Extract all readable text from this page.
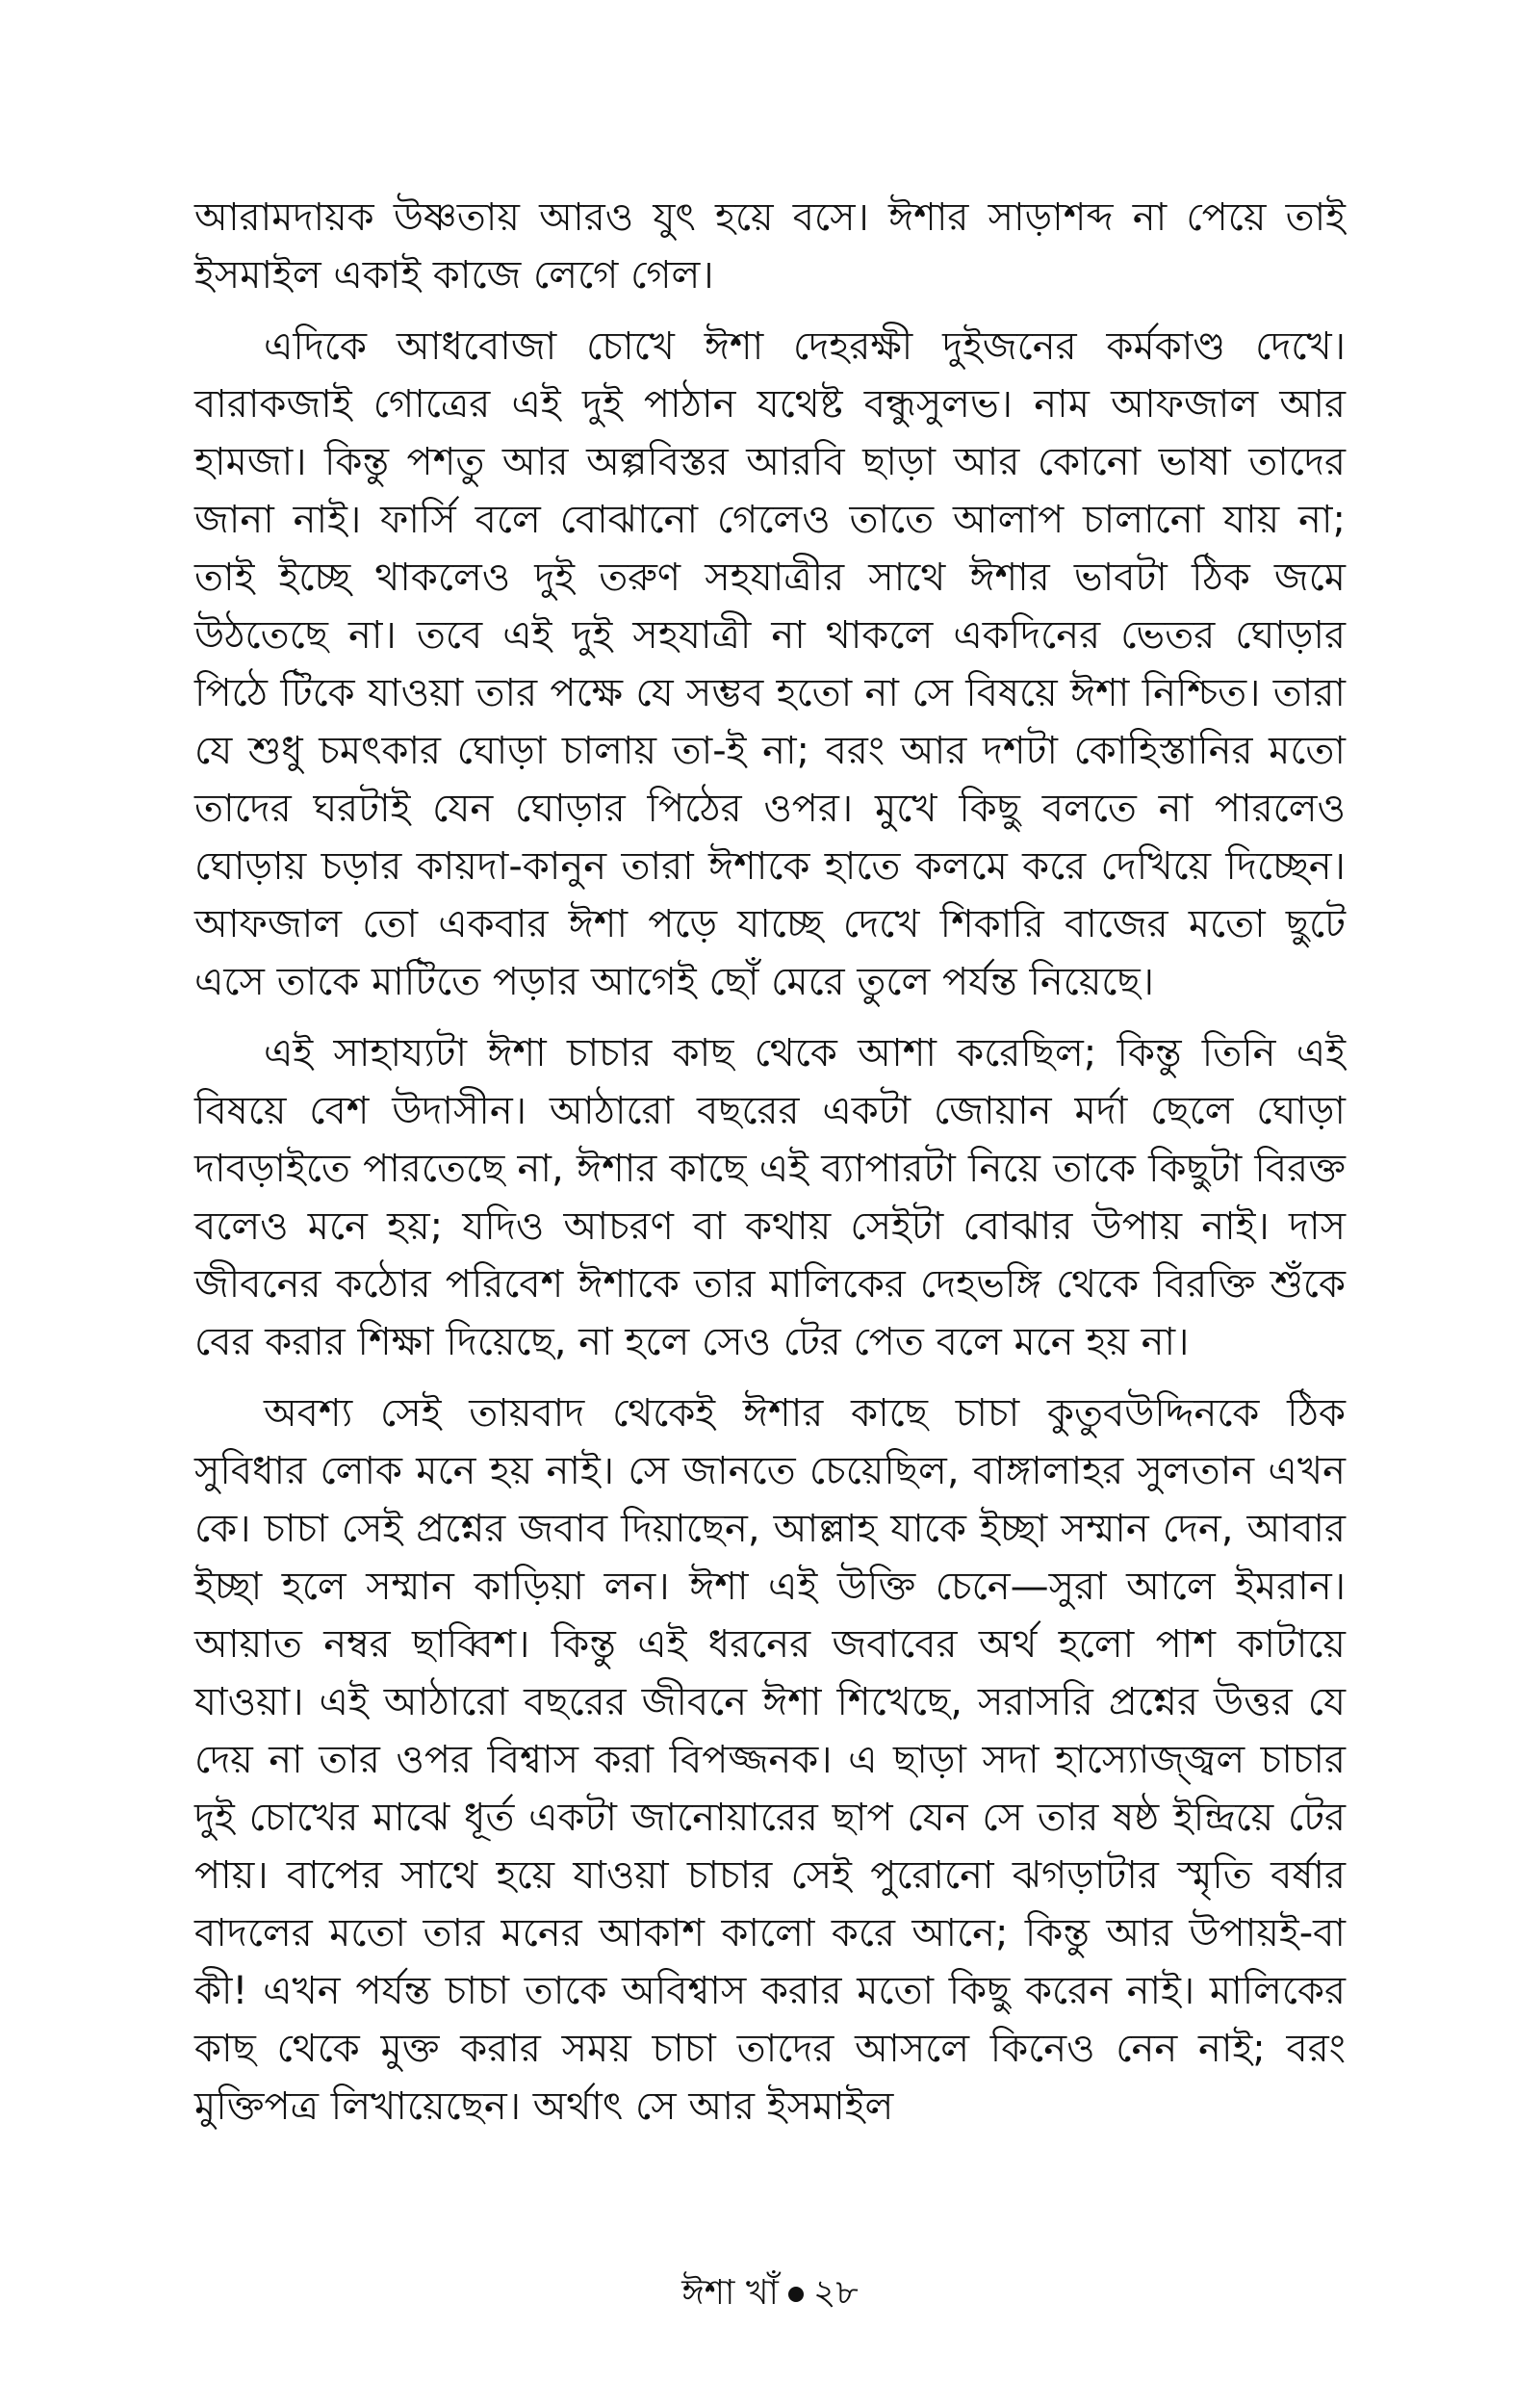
আরামদায়ক উষ্ণতায় আরও যুৎ হয়ে বসে। ঈশার সাড়াশব্দ না পেয়ে তাই ইসমাইল একাই কাজে লেগে গেল।

এদিকে আধবোজা চোখে ঈশা দেহরক্ষী দুইজনের কর্মকাণ্ড দেখে। বারাকজাই গোত্রের এই দুই পাঠান যথেষ্ট বন্ধুসুলভ। নাম আফজাল আর হামজা। কিন্তু পশতু আর অল্পবিস্তর আরবি ছাড়া আর কোনো ভাষা তাদের জানা নাই। ফার্সি বলে বোঝানো গেলেও তাতে আলাপ চালানো যায় না; তাই ইচ্ছে থাকলেও দুই তরুণ সহযাত্রীর সাথে ঈশার ভাবটা ঠিক জমে উঠতেছে না। তবে এই দুই সহযাত্রী না থাকলে একদিনের ভেতর ঘোড়ার পিঠে টিকে যাওয়া তার পক্ষে যে সম্ভব হতো না সে বিষয়ে ঈশা নিশ্চিত। তারা যে শুধু চমৎকার ঘোড়া চালায় তা-ই না; বরং আর দশটা কোহিস্তানির মতো তাদের ঘরটাই যেন ঘোড়ার পিঠের ওপর। মুখে কিছু বলতে না পারলেও ঘোড়ায় চড়ার কায়দা-কানুন তারা ঈশাকে হাতে কলমে করে দেখিয়ে দিচ্ছেন। আফজাল তো একবার ঈশা পড়ে যাচ্ছে দেখে শিকারি বাজের মতো ছুটে এসে তাকে মাটিতে পড়ার আগেই ছোঁ মেরে তুলে পর্যন্ত নিয়েছে।

এই সাহায্যটা ঈশা চাচার কাছ থেকে আশা করেছিল; কিন্তু তিনি এই বিষয়ে বেশ উদাসীন। আঠারো বছরের একটা জোয়ান মর্দা ছেলে ঘোড়া দাবড়াইতে পারতেছে না, ঈশার কাছে এই ব্যাপারটা নিয়ে তাকে কিছুটা বিরক্ত বলেও মনে হয়; যদিও আচরণ বা কথায় সেইটা বোঝার উপায় নাই। দাস জীবনের কঠোর পরিবেশ ঈশাকে তার মালিকের দেহভঙ্গি থেকে বিরক্তি শুঁকে বের করার শিক্ষা দিয়েছে, না হলে সেও টের পেত বলে মনে হয় না।

অবশ্য সেই তায়বাদ থেকেই ঈশার কাছে চাচা কুতুবউদ্দিনকে ঠিক সুবিধার লোক মনে হয় নাই। সে জানতে চেয়েছিল, বাঙ্গালাহর সুলতান এখন কে। চাচা সেই প্রশ্নের জবাব দিয়াছেন, আল্লাহ যাকে ইচ্ছা সম্মান দেন, আবার ইচ্ছা হলে সম্মান কাড়িয়া লন। ঈশা এই উক্তি চেনে—সুরা আলে ইমরান। আয়াত নম্বর ছাব্বিশ। কিন্তু এই ধরনের জবাবের অর্থ হলো পাশ কাটায়ে যাওয়া। এই আঠারো বছরের জীবনে ঈশা শিখেছে, সরাসরি প্রশ্নের উত্তর যে দেয় না তার ওপর বিশ্বাস করা বিপজ্জনক। এ ছাড়া সদা হাস্যোজ্জ্বল চাচার দুই চোখের মাঝে ধূর্ত একটা জানোয়ারের ছাপ যেন সে তার ষষ্ঠ ইন্দ্রিয়ে টের পায়। বাপের সাথে হয়ে যাওয়া চাচার সেই পুরোনো ঝগড়াটার স্মৃতি বর্ষার বাদলের মতো তার মনের আকাশ কালো করে আনে; কিন্তু আর উপায়ই-বা কী! এখন পর্যন্ত চাচা তাকে অবিশ্বাস করার মতো কিছু করেন নাই। মালিকের কাছ থেকে মুক্ত করার সময় চাচা তাদের আসলে কিনেও নেন নাই; বরং মুক্তিপত্র লিখায়েছেন। অর্থাৎ সে আর ইসমাইল

ঈশা খাঁ ২৮
